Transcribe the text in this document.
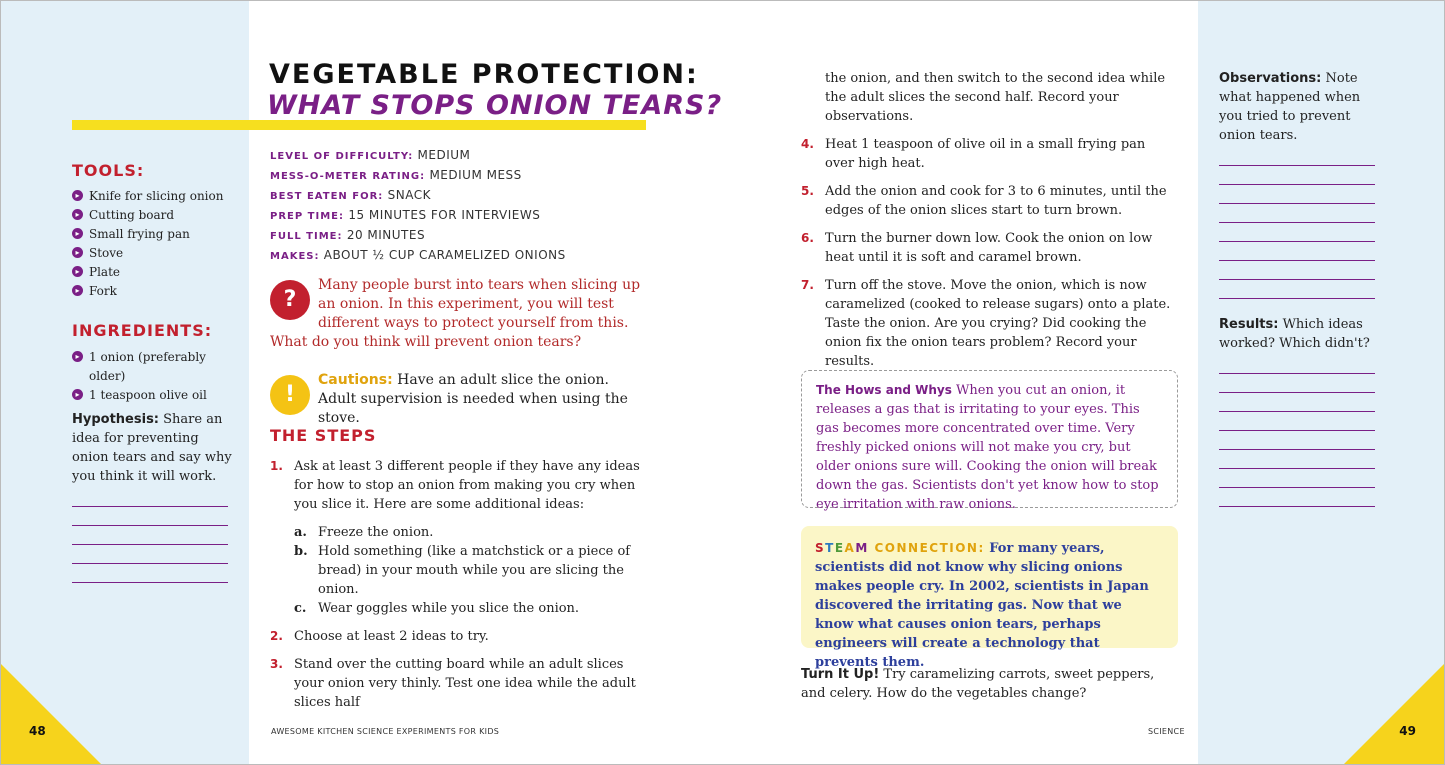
TOOLS:
▸ Knife for slicing onion
▸ Cutting board
▸ Small frying pan
▸ Stove
▸ Plate
▸ Fork
INGREDIENTS:
▸ 1 onion (preferably older)
▸ 1 teaspoon olive oil
Hypothesis: Share an idea for preventing onion tears and say why you think it will work.
VEGETABLE PROTECTION:
WHAT STOPS ONION TEARS?
LEVEL OF DIFFICULTY: MEDIUM
MESS-O-METER RATING: MEDIUM MESS
BEST EATEN FOR: SNACK
PREP TIME: 15 MINUTES FOR INTERVIEWS
FULL TIME: 20 MINUTES
MAKES: ABOUT ½ CUP CARAMELIZED ONIONS
?
Many people burst into tears when slicing up an onion. In this experiment, you will test different ways to protect yourself from this. What do you think will prevent onion tears?
!
Cautions: Have an adult slice the onion. Adult supervision is needed when using the stove.
THE STEPS
1. Ask at least 3 different people if they have any ideas for how to stop an onion from making you cry when you slice it. Here are some additional ideas:
a. Freeze the onion.
b. Hold something (like a matchstick or a piece of bread) in your mouth while you are slicing the onion.
c. Wear goggles while you slice the onion.
2. Choose at least 2 ideas to try.
3. Stand over the cutting board while an adult slices your onion very thinly. Test one idea while the adult slices half
the onion, and then switch to the second idea while the adult slices the second half. Record your observations.
4. Heat 1 teaspoon of olive oil in a small frying pan over high heat.
5. Add the onion and cook for 3 to 6 minutes, until the edges of the onion slices start to turn brown.
6. Turn the burner down low. Cook the onion on low heat until it is soft and caramel brown.
7. Turn off the stove. Move the onion, which is now caramelized (cooked to release sugars) onto a plate. Taste the onion. Are you crying? Did cooking the onion fix the onion tears problem? Record your results.
The Hows and Whys When you cut an onion, it releases a gas that is irritating to your eyes. This gas becomes more concentrated over time. Very freshly picked onions will not make you cry, but older onions sure will. Cooking the onion will break down the gas. Scientists don't yet know how to stop eye irritation with raw onions.
STEAM CONNECTION: For many years, scientists did not know why slicing onions makes people cry. In 2002, scientists in Japan discovered the irritating gas. Now that we know what causes onion tears, perhaps engineers will create a technology that prevents them.
Turn It Up! Try caramelizing carrots, sweet peppers, and celery. How do the vegetables change?
Observations: Note what happened when you tried to prevent onion tears.
Results: Which ideas worked? Which didn't?
48	49
AWESOME KITCHEN SCIENCE EXPERIMENTS FOR KIDS	SCIENCE
